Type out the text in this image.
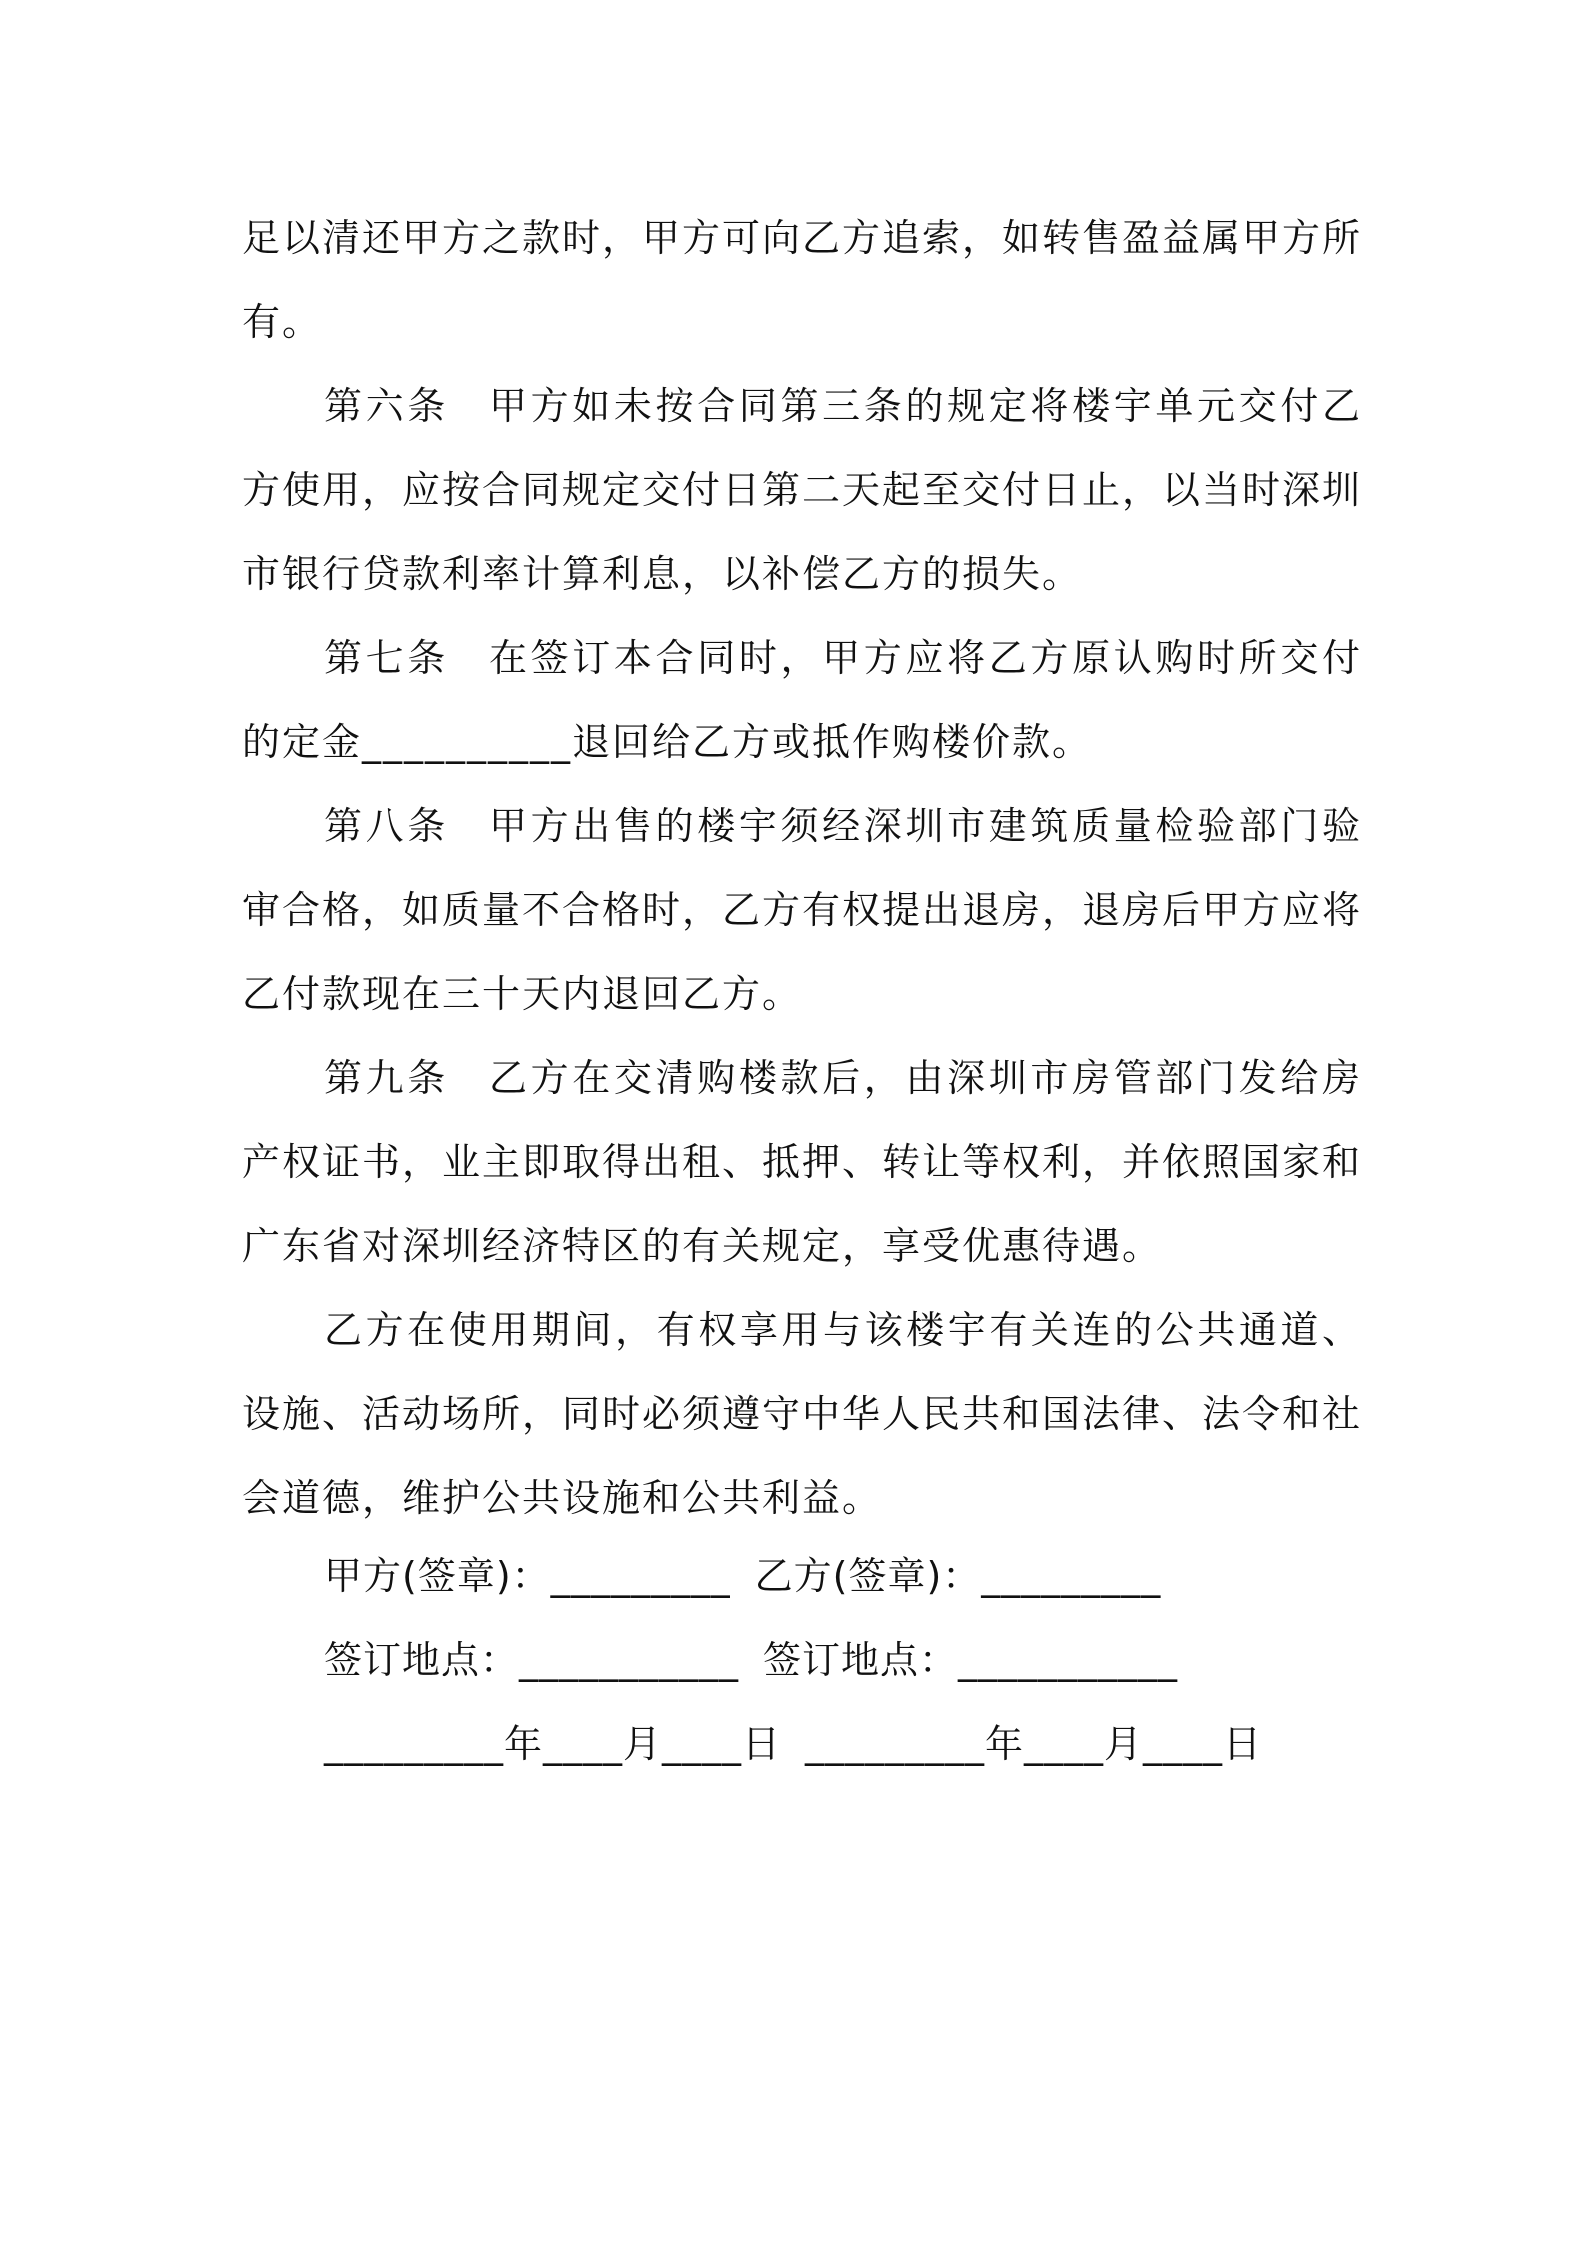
足以清还甲方之款时，甲方可向乙方追索，如转售盈益属甲方所有。

第六条 甲方如未按合同第三条的规定将楼宇单元交付乙方使用，应按合同规定交付日第二天起至交付日止，以当时深圳市银行贷款利率计算利息，以补偿乙方的损失。

第七条 在签订本合同时，甲方应将乙方原认购时所交付的定金__________退回给乙方或抵作购楼价款。

第八条 甲方出售的楼宇须经深圳市建筑质量检验部门验审合格，如质量不合格时，乙方有权提出退房，退房后甲方应将乙付款现在三十天内退回乙方。

第九条 乙方在交清购楼款后，由深圳市房管部门发给房产权证书，业主即取得出租、抵押、转让等权利，并依照国家和广东省对深圳经济特区的有关规定，享受优惠待遇。

乙方在使用期间，有权享用与该楼宇有关连的公共通道、设施、活动场所，同时必须遵守中华人民共和国法律、法令和社会道德，维护公共设施和公共利益。

甲方(签章)：_________ 乙方(签章)：_________
签订地点：___________ 签订地点：___________
_________年____月____日 _________年____月____日
